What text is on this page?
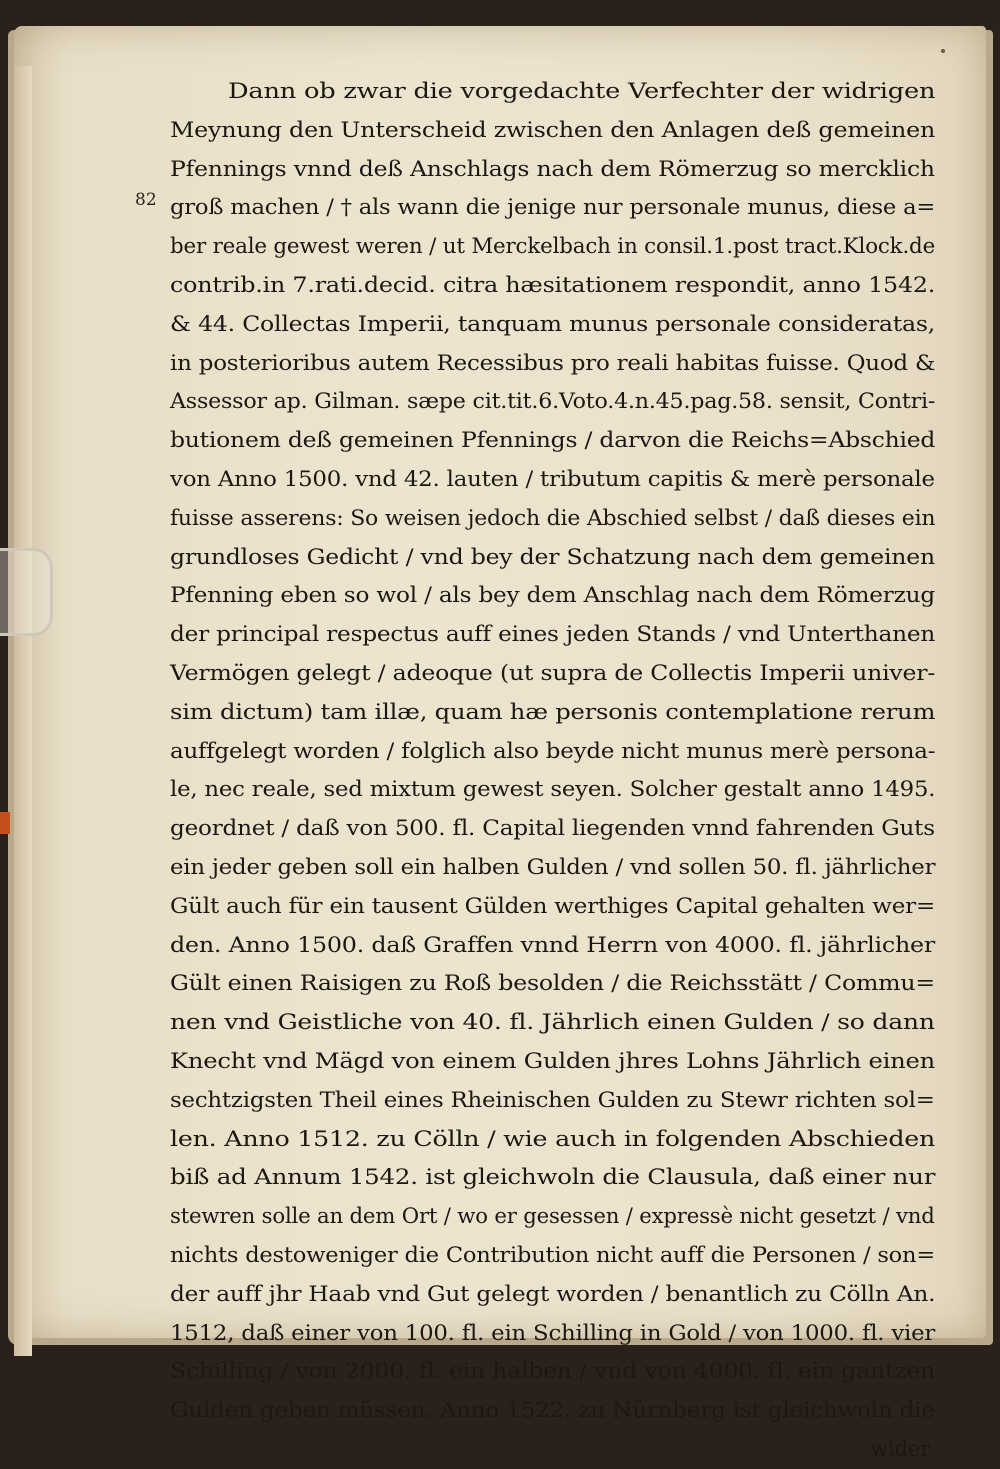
82
Dann ob zwar die vorgedachte Verfechter der widrigen
Meynung den Unterscheid zwischen den Anlagen deß gemeinen
Pfennings vnnd deß Anschlags nach dem Römerzug so mercklich
groß machen / † als wann die jenige nur personale munus, diese a=
ber reale gewest weren / ut Merckelbach in consil.1.post tract.Klock.de
contrib.in 7.rati.decid. citra hæsitationem respondit, anno 1542.
& 44. Collectas Imperii, tanquam munus personale consideratas,
in posterioribus autem Recessibus pro reali habitas fuisse. Quod &
Assessor ap. Gilman. sæpe cit.tit.6.Voto.4.n.45.pag.58. sensit, Contri-
butionem deß gemeinen Pfennings / darvon die Reichs=Abschied
von Anno 1500. vnd 42. lauten / tributum capitis & merè personale
fuisse asserens: So weisen jedoch die Abschied selbst / daß dieses ein
grundloses Gedicht / vnd bey der Schatzung nach dem gemeinen
Pfenning eben so wol / als bey dem Anschlag nach dem Römerzug
der principal respectus auff eines jeden Stands / vnd Unterthanen
Vermögen gelegt / adeoque (ut supra de Collectis Imperii univer-
sim dictum) tam illæ, quam hæ personis contemplatione rerum
auffgelegt worden / folglich also beyde nicht munus merè persona-
le, nec reale, sed mixtum gewest seyen. Solcher gestalt anno 1495.
geordnet / daß von 500. fl. Capital liegenden vnnd fahrenden Guts
ein jeder geben soll ein halben Gulden / vnd sollen 50. fl. jährlicher
Gült auch für ein tausent Gülden werthiges Capital gehalten wer=
den. Anno 1500. daß Graffen vnnd Herrn von 4000. fl. jährlicher
Gült einen Raisigen zu Roß besolden / die Reichsstätt / Commu=
nen vnd Geistliche von 40. fl. Jährlich einen Gulden / so dann
Knecht vnd Mägd von einem Gulden jhres Lohns Jährlich einen
sechtzigsten Theil eines Rheinischen Gulden zu Stewr richten sol=
len. Anno 1512. zu Cölln / wie auch in folgenden Abschieden
biß ad Annum 1542. ist gleichwoln die Clausula, daß einer nur
stewren solle an dem Ort / wo er gesessen / expressè nicht gesetzt / vnd
nichts destoweniger die Contribution nicht auff die Personen / son=
der auff jhr Haab vnd Gut gelegt worden / benantlich zu Cölln An.
1512, daß einer von 100. fl. ein Schilling in Gold / von 1000. fl. vier
Schilling / von 2000. fl. ein halben / vnd von 4000. fl. ein gantzen
Gulden geben müssen. Anno 1522. zu Nürnberg ist gleichwoln die
wider
